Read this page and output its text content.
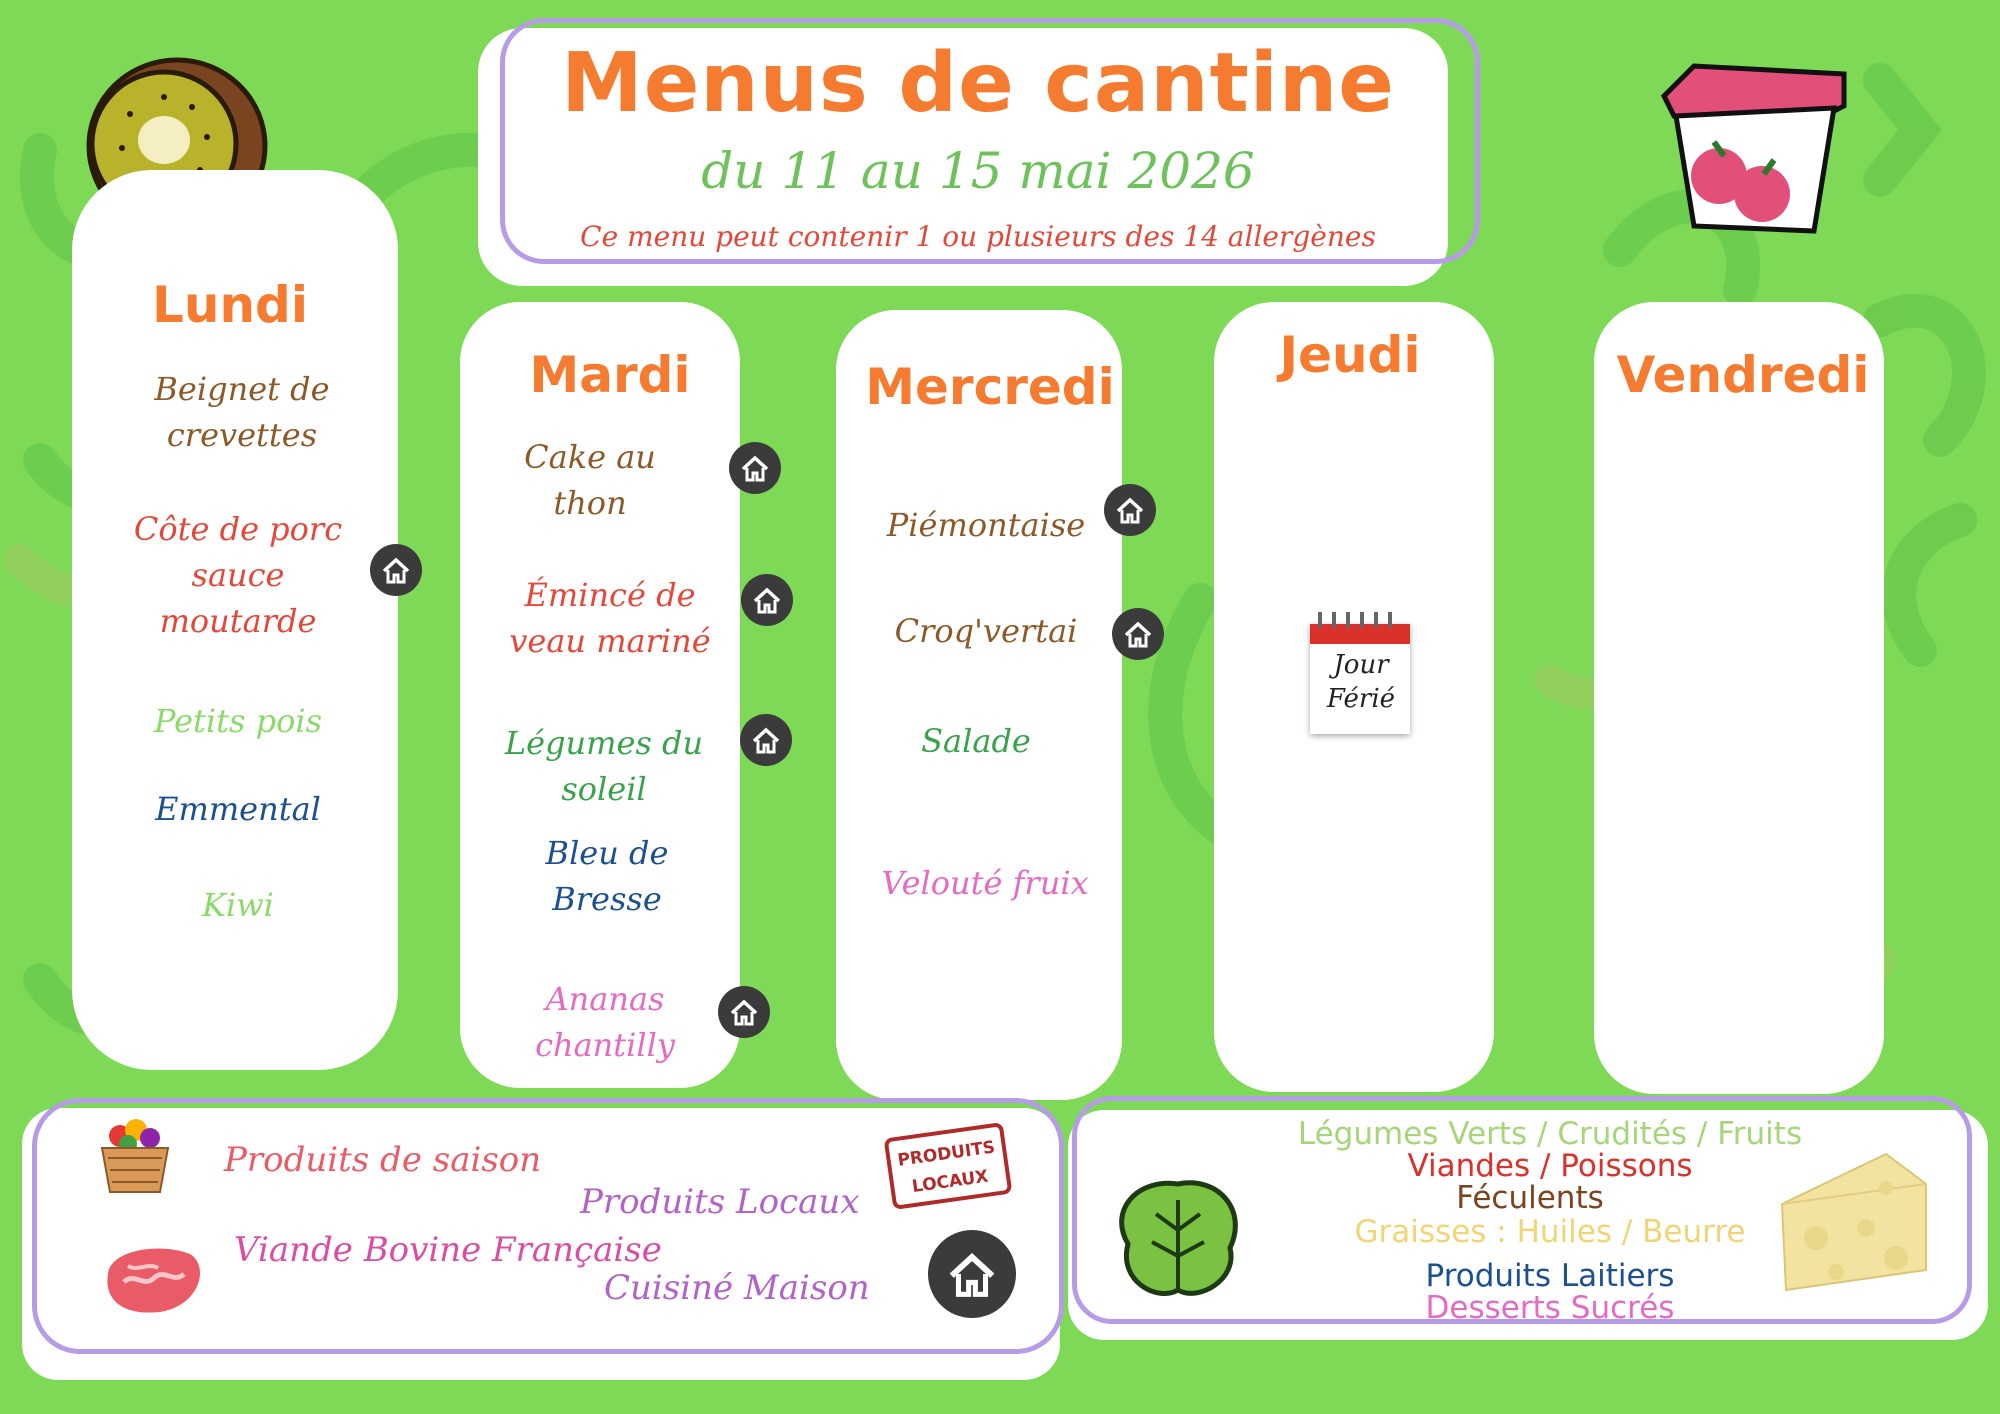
Menus de cantine
du 11 au 15 mai 2026
Ce menu peut contenir 1 ou plusieurs des 14 allergènes
Lundi
Mardi	Mercredi
Jeudi	Vendredi
Beignet de crevettes
Côte de porc sauce moutarde
Petits pois
Emmental
Kiwi
Cake au thon
Émincé de veau mariné
Légumes du soleil
Bleu de Bresse
Ananas chantilly
Piémontaise
Croq'vertai
Salade
Velouté fruix
Jour
Férié
Produits de saison
Produits Locaux
Viande Bovine Française
Cuisiné Maison
PRODUITS LOCAUX
Légumes Verts / Crudités / Fruits
Viandes / Poissons
Féculents
Graisses : Huiles / Beurre
Produits Laitiers
Desserts Sucrés
